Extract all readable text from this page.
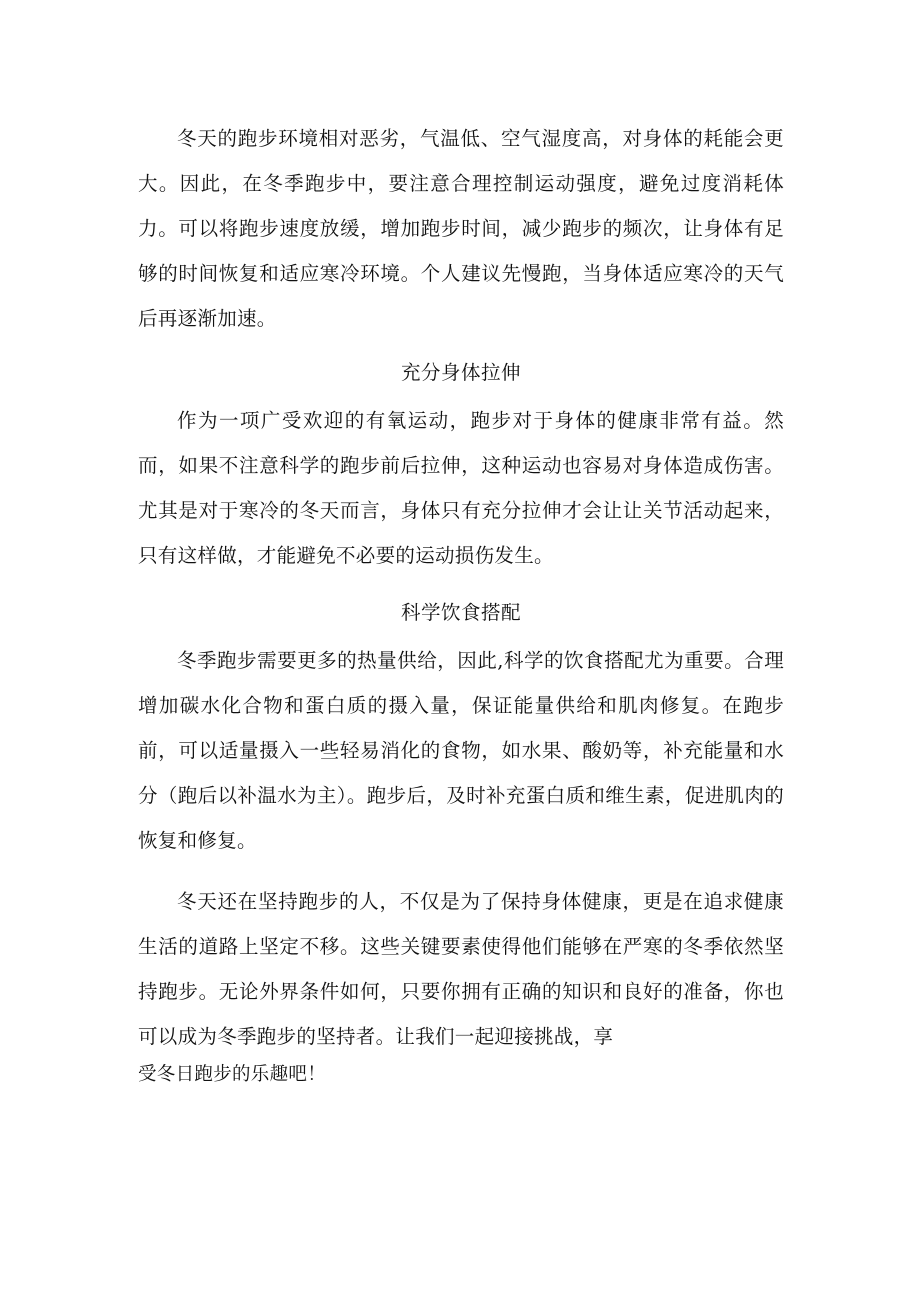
冬天的跑步环境相对恶劣，气温低、空气湿度高，对身体的耗能会更大。因此，在冬季跑步中，要注意合理控制运动强度，避免过度消耗体力。可以将跑步速度放缓，增加跑步时间，减少跑步的频次，让身体有足够的时间恢复和适应寒冷环境。个人建议先慢跑，当身体适应寒冷的天气后再逐渐加速。

充分身体拉伸

作为一项广受欢迎的有氧运动，跑步对于身体的健康非常有益。然而，如果不注意科学的跑步前后拉伸，这种运动也容易对身体造成伤害。尤其是对于寒冷的冬天而言，身体只有充分拉伸才会让让关节活动起来，只有这样做，才能避免不必要的运动损伤发生。

科学饮食搭配

冬季跑步需要更多的热量供给，因此,科学的饮食搭配尤为重要。合理增加碳水化合物和蛋白质的摄入量，保证能量供给和肌肉修复。在跑步前，可以适量摄入一些轻易消化的食物，如水果、酸奶等，补充能量和水分（跑后以补温水为主）。跑步后，及时补充蛋白质和维生素，促进肌肉的恢复和修复。

冬天还在坚持跑步的人，不仅是为了保持身体健康，更是在追求健康生活的道路上坚定不移。这些关键要素使得他们能够在严寒的冬季依然坚持跑步。无论外界条件如何，只要你拥有正确的知识和良好的准备，你也可以成为冬季跑步的坚持者。让我们一起迎接挑战，享
受冬日跑步的乐趣吧！
